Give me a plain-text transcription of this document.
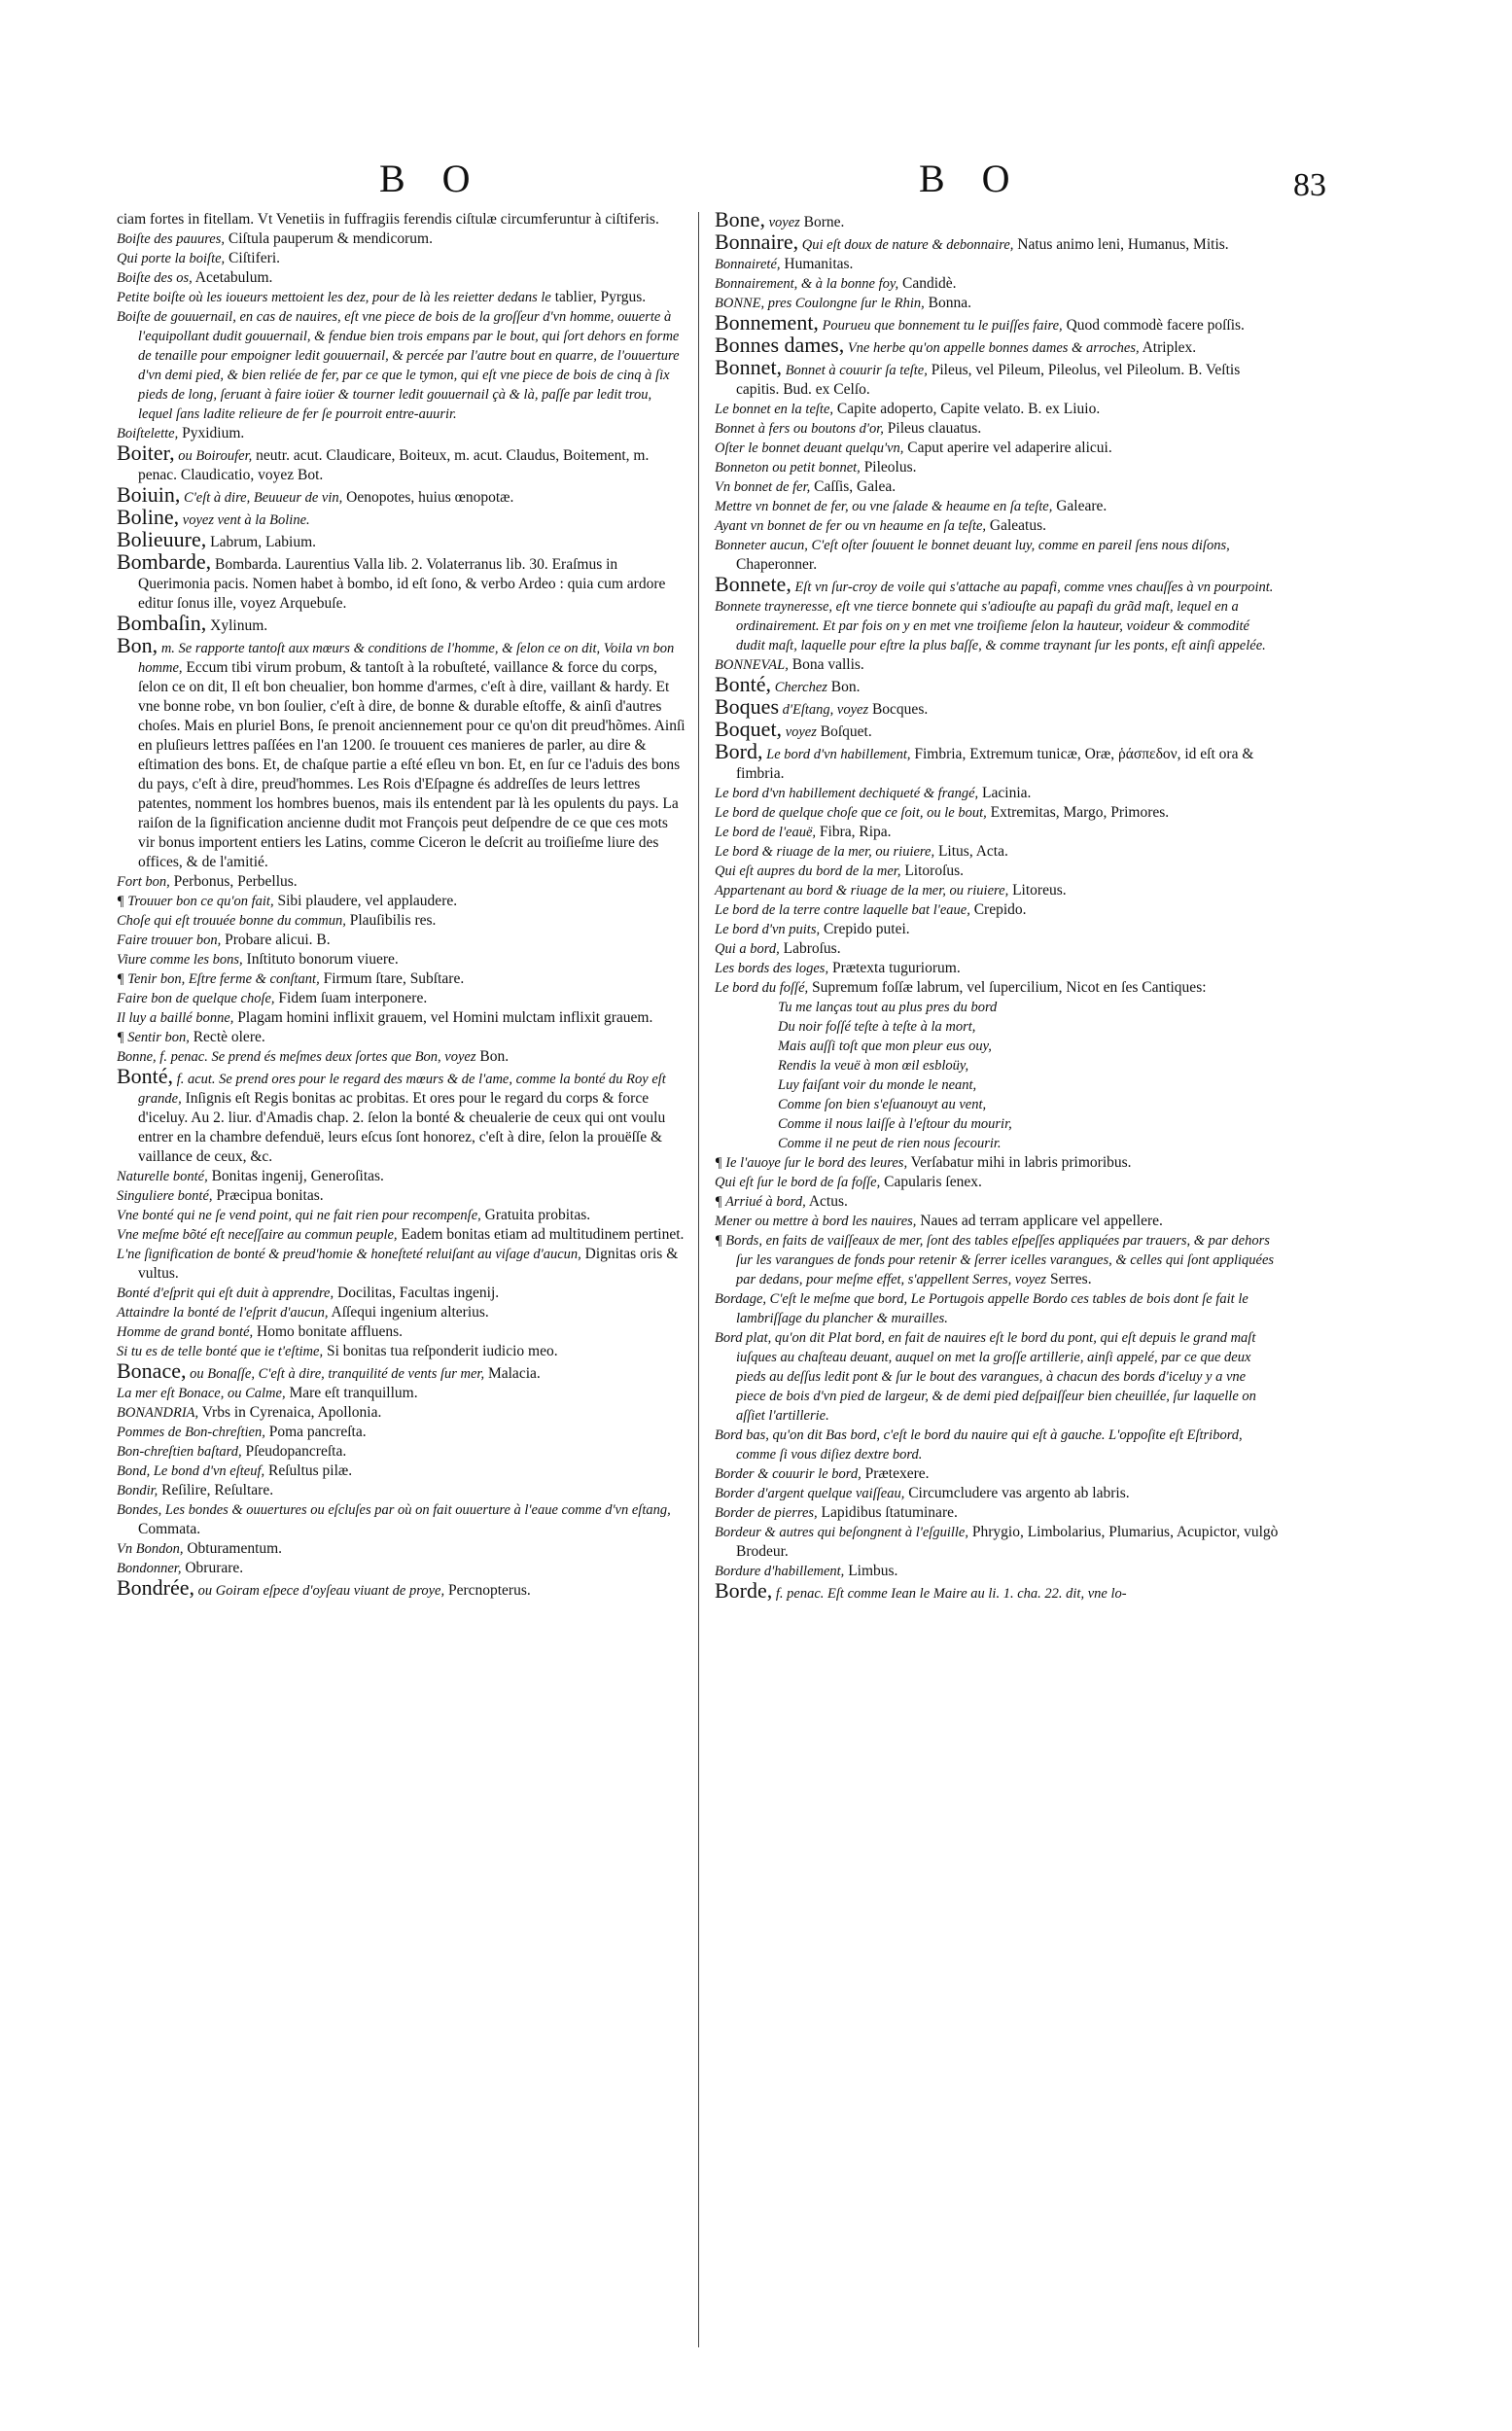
B O	B O	83

ciam fortes in fitellam. Vt Venetiis in fuffragiis ferendis ciſtulæ circumferuntur à ciſtiferis.

Boiſte des pauures, Ciſtula pauperum & mendicorum.

Qui porte la boiſte, Ciſtiferi.

Boiſte des os, Acetabulum.

Petite boiſte où les ioueurs mettoient les dez, pour de là les reietter dedans le tablier, Pyrgus.

Boiſte de gouuernail, en cas de nauires, eſt vne piece de bois de la groſſeur d'vn homme, ouuerte à l'equipollant dudit gouuernail, & fendue bien trois empans par le bout, qui ſort dehors en forme de tenaille pour empoigner ledit gouuernail, & percée par l'autre bout en quarre, de l'ouuerture d'vn demi pied, & bien reliée de fer, par ce que le tymon, qui eſt vne piece de bois de cinq à ſix pieds de long, ſeruant à faire ioüer & tourner ledit gouuernail çà & là, paſſe par ledit trou, lequel ſans ladite relieure de fer ſe pourroit entre-auurir.

Boiſtelette, Pyxidium.

Boiter, ou Boiroufer, neutr. acut. Claudicare, Boiteux, m. acut. Claudus, Boitement, m. penac. Claudicatio, voyez Bot.

Boiuin, C'eſt à dire, Beuueur de vin, Oenopotes, huius œnopotæ.

Boline, voyez vent à la Boline.

Bolieuure, Labrum, Labium.

Bombarde, Bombarda. Laurentius Valla lib. 2. Volaterranus lib. 30. Eraſmus in Querimonia pacis. Nomen habet à bombo, id eſt ſono, & verbo Ardeo : quia cum ardore editur ſonus ille, voyez Arquebuſe.

Bombaſin, Xylinum.

Bon, m. Se rapporte tantoſt aux mœurs & conditions de l'homme, & ſelon ce on dit, Voila vn bon homme, Eccum tibi virum probum, & tantoſt à la robuſteté, vaillance & force du corps, ſelon ce on dit, Il eſt bon cheualier, bon homme d'armes, c'eſt à dire, vaillant & hardy. Et vne bonne robe, vn bon ſoulier, c'eſt à dire, de bonne & durable eſtoffe, & ainſi d'autres choſes. Mais en pluriel Bons, ſe prenoit anciennement pour ce qu'on dit preud'hõmes. Ainſi en pluſieurs lettres paſſées en l'an 1200. ſe trouuent ces manieres de parler, au dire & eſtimation des bons. Et, de chaſque partie a eſté eſleu vn bon. Et, en ſur ce l'aduis des bons du pays, c'eſt à dire, preud'hommes. Les Rois d'Eſpagne és addreſſes de leurs lettres patentes, nomment los hombres buenos, mais ils entendent par là les opulents du pays. La raiſon de la ſignification ancienne dudit mot François peut deſpendre de ce que ces mots vir bonus importent entiers les Latins, comme Ciceron le deſcrit au troiſieſme liure des offices, & de l'amitié.

Fort bon, Perbonus, Perbellus.

¶ Trouuer bon ce qu'on fait, Sibi plaudere, vel applaudere.

Choſe qui eſt trouuée bonne du commun, Plauſibilis res.

Faire trouuer bon, Probare alicui. B.

Viure comme les bons, Inſtituto bonorum viuere.

¶ Tenir bon, Eſtre ferme & conſtant, Firmum ſtare, Subſtare.

Faire bon de quelque choſe, Fidem ſuam interponere.

Il luy a baillé bonne, Plagam homini inflixit grauem, vel Homini mulctam inflixit grauem.

¶ Sentir bon, Rectè olere.

Bonne, f. penac. Se prend és meſmes deux ſortes que Bon, voyez Bon.

Bonté, f. acut. Se prend ores pour le regard des mœurs & de l'ame, comme la bonté du Roy eſt grande, Inſignis eſt Regis bonitas ac probitas. Et ores pour le regard du corps & force d'iceluy. Au 2. liur. d'Amadis chap. 2. ſelon la bonté & cheualerie de ceux qui ont voulu entrer en la chambre defenduë, leurs eſcus ſont honorez, c'eſt à dire, ſelon la prouëſſe & vaillance de ceux, &c.

Naturelle bonté, Bonitas ingenij, Generoſitas.

Singuliere bonté, Præcipua bonitas.

Vne bonté qui ne ſe vend point, qui ne fait rien pour recompenſe, Gratuita probitas.

Vne meſme bõté eſt neceſſaire au commun peuple, Eadem bonitas etiam ad multitudinem pertinet.

L'ne ſignification de bonté & preud'homie & honeſteté reluiſant au viſage d'aucun, Dignitas oris & vultus.

Bonté d'eſprit qui eſt duit à apprendre, Docilitas, Facultas ingenij.

Attaindre la bonté de l'eſprit d'aucun, Aſſequi ingenium alterius.

Homme de grand bonté, Homo bonitate affluens.

Si tu es de telle bonté que ie t'eſtime, Si bonitas tua reſponderit iudicio meo.

Bonace, ou Bonaſſe, C'eſt à dire, tranquilité de vents ſur mer, Malacia.

La mer eſt Bonace, ou Calme, Mare eſt tranquillum.

BONANDRIA, Vrbs in Cyrenaica, Apollonia.

Pommes de Bon-chreſtien, Poma pancreſta.

Bon-chreſtien baſtard, Pſeudopancreſta.

Bond, Le bond d'vn eſteuf, Reſultus pilæ.

Bondir, Reſilire, Reſultare.

Bondes, Les bondes & ouuertures ou eſcluſes par où on fait ouuerture à l'eaue comme d'vn eſtang, Commata.

Vn Bondon, Obturamentum.

Bondonner, Obrurare.

Bondrée, ou Goiram eſpece d'oyſeau viuant de proye, Percnopterus.

Bone, voyez Borne.

Bonnaire, Qui eſt doux de nature & debonnaire, Natus animo leni, Humanus, Mitis.

Bonnaireté, Humanitas.

Bonnairement, & à la bonne foy, Candidè.

BONNE, pres Coulongne ſur le Rhin, Bonna.

Bonnement, Pourueu que bonnement tu le puiſſes faire, Quod commodè facere poſſis.

Bonnes dames, Vne herbe qu'on appelle bonnes dames & arroches, Atriplex.

Bonnet, Bonnet à couurir ſa teſte, Pileus, vel Pileum, Pileolus, vel Pileolum. B. Veſtis capitis. Bud. ex Celſo.

Le bonnet en la teſte, Capite adoperto, Capite velato. B. ex Liuio.

Bonnet à fers ou boutons d'or, Pileus clauatus.

Oſter le bonnet deuant quelqu'vn, Caput aperire vel adaperire alicui.

Bonneton ou petit bonnet, Pileolus.

Vn bonnet de fer, Caſſis, Galea.

Mettre vn bonnet de fer, ou vne ſalade & heaume en ſa teſte, Galeare.

Ayant vn bonnet de fer ou vn heaume en ſa teſte, Galeatus.

Bonneter aucun, C'eſt oſter ſouuent le bonnet deuant luy, comme en pareil ſens nous diſons, Chaperonner.

Bonnete, Eſt vn ſur-croy de voile qui s'attache au papafi, comme vnes chauſſes à vn pourpoint.

Bonnete trayneresse, eſt vne tierce bonnete qui s'adiouſte au papafi du grãd maſt, lequel en a ordinairement. Et par fois on y en met vne troiſieme ſelon la hauteur, voideur & commodité dudit maſt, laquelle pour eſtre la plus baſſe, & comme traynant ſur les ponts, eſt ainſi appelée.

BONNEVAL, Bona vallis.

Bonté, Cherchez Bon.

Boques d'Eſtang, voyez Bocques.

Boquet, voyez Boſquet.

Bord, Le bord d'vn habillement, Fimbria, Extremum tunicæ, Oræ, ῥάσπεδον, id eſt ora & fimbria.

Le bord d'vn habillement dechiqueté & frangé, Lacinia.

Le bord de quelque choſe que ce ſoit, ou le bout, Extremitas, Margo, Primores.

Le bord de l'eauë, Fibra, Ripa.

Le bord & riuage de la mer, ou riuiere, Litus, Acta.

Qui eſt aupres du bord de la mer, Litoroſus.

Appartenant au bord & riuage de la mer, ou riuiere, Litoreus.

Le bord de la terre contre laquelle bat l'eaue, Crepido.

Le bord d'vn puits, Crepido putei.

Qui a bord, Labroſus.

Les bords des loges, Prætexta tuguriorum.

Le bord du foſſé, Supremum foſſæ labrum, vel ſupercilium, Nicot en ſes Cantiques:

Tu me lanças tout au plus pres du bord

Du noir foſſé teſte à teſte à la mort,

Mais auſſi toſt que mon pleur eus ouy,

Rendis la veuë à mon œil esbloüy,

Luy faiſant voir du monde le neant,

Comme ſon bien s'eſuanouyt au vent,

Comme il nous laiſſe à l'eſtour du mourir,

Comme il ne peut de rien nous ſecourir.

¶ Ie l'auoye ſur le bord des leures, Verſabatur mihi in labris primoribus.

Qui eſt ſur le bord de ſa foſſe, Capularis ſenex.

¶ Arriué à bord, Actus.

Mener ou mettre à bord les nauires, Naues ad terram applicare vel appellere.

¶ Bords, en faits de vaiſſeaux de mer, ſont des tables eſpeſſes appliquées par trauers, & par dehors ſur les varangues de fonds pour retenir & ſerrer icelles varangues, & celles qui ſont appliquées par dedans, pour meſme effet, s'appellent Serres, voyez Serres.

Bordage, C'eſt le meſme que bord, Le Portugois appelle Bordo ces tables de bois dont ſe fait le lambriſſage du plancher & murailles.

Bord plat, qu'on dit Plat bord, en fait de nauires eſt le bord du pont, qui eſt depuis le grand maſt iuſques au chaſteau deuant, auquel on met la groſſe artillerie, ainſi appelé, par ce que deux pieds au deſſus ledit pont & ſur le bout des varangues, à chacun des bords d'iceluy y a vne piece de bois d'vn pied de largeur, & de demi pied deſpaiſſeur bien cheuillée, ſur laquelle on aſſiet l'artillerie.

Bord bas, qu'on dit Bas bord, c'eſt le bord du nauire qui eſt à gauche. L'oppoſite eſt Eſtribord, comme ſi vous diſiez dextre bord.

Border & couurir le bord, Prætexere.

Border d'argent quelque vaiſſeau, Circumcludere vas argento ab labris.

Border de pierres, Lapidibus ſtatuminare.

Bordeur & autres qui beſongnent à l'eſguille, Phrygio, Limbolarius, Plumarius, Acupictor, vulgò Brodeur.

Bordure d'habillement, Limbus.

Borde, f. penac. Eſt comme Iean le Maire au li. 1. cha. 22. dit, vne lo-
